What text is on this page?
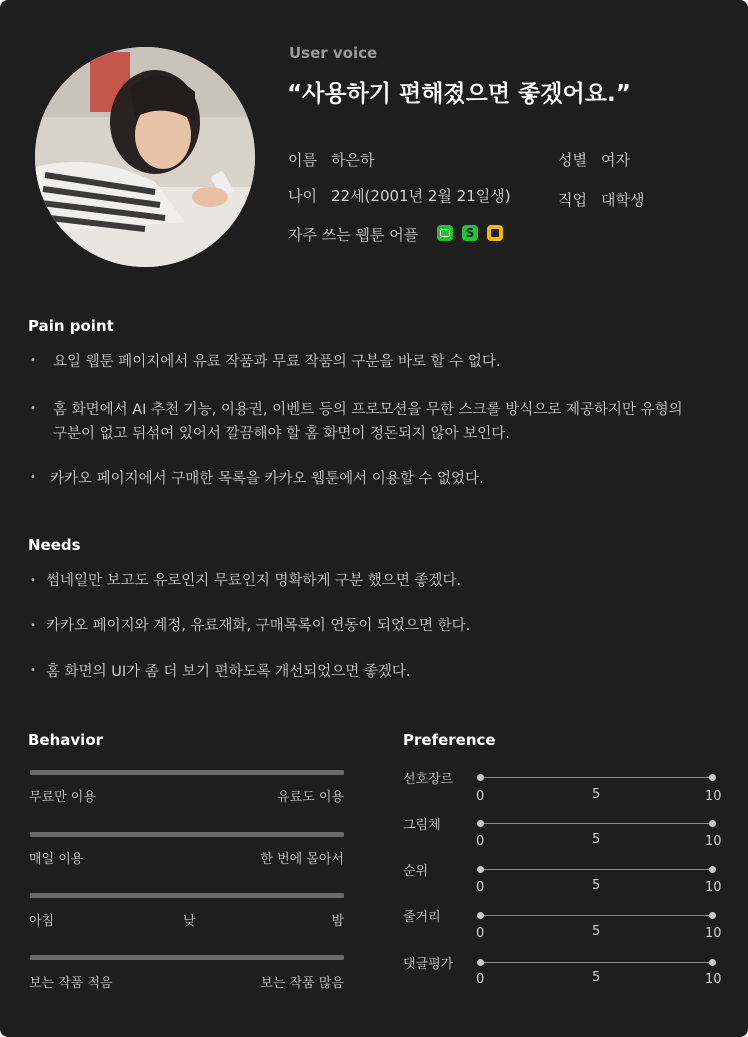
User voice
“사용하기 편해졌으면 좋겠어요.”
이름 하은하	성별 여자
나이 22세(2001년 2월 21일생)	직업 대학생
자주 쓰는 웹툰 어플	S
Pain point
• 요일 웹툰 페이지에서 유료 작품과 무료 작품의 구분을 바로 할 수 없다.
• 홈 화면에서 AI 추천 기능, 이용권, 이벤트 등의 프로모션을 무한 스크롤 방식으로 제공하지만 유형의
구분이 없고 뒤섞여 있어서 깔끔해야 할 홈 화면이 정돈되지 않아 보인다.
• 카카오 페이지에서 구매한 목록을 카카오 웹툰에서 이용할 수 없었다.
Needs
• 썸네일만 보고도 유로인지 무료인지 명확하게 구분 했으면 좋겠다.
• 카카오 페이지와 계정, 유료재화, 구매목록이 연동이 되었으면 한다.
• 홈 화면의 UI가 좀 더 보기 편하도록 개선되었으면 좋겠다.
Behavior
무료만 이용	유료도 이용
매일 이용	한 번에 몰아서
아침	낮	밤
보는 작품 적음	보는 작품 많음
Preference
선호장르
0	5	10
그림체
0	5	10
순위
0	5	10
줄거리
0	5	10
댓글평가
0	5	10
